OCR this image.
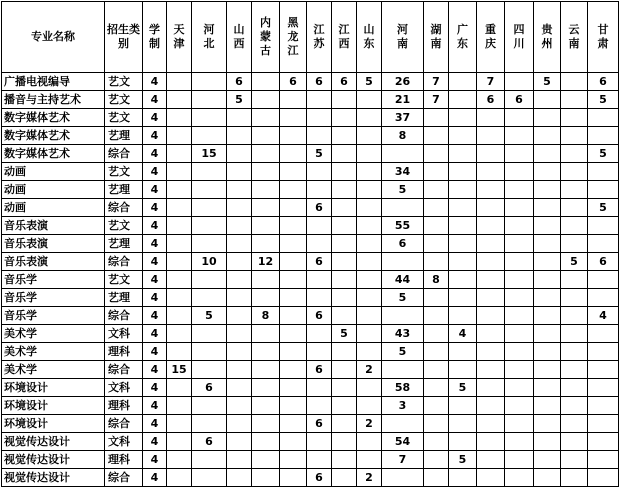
专业名称	招生类别	学制	天津	河北	山西	内蒙古	黑龙江	江苏	江西	山东	河南	湖南	广东	重庆	四川	贵州	云南	甘肃

广播电视编导	艺文	4			6		6	6	6	5	26	7		7		5		6
播音与主持艺术	艺文	4			5						21	7		6	6			5
数字媒体艺术	艺文	4									37							
数字媒体艺术	艺理	4									8							
数字媒体艺术	综合	4		15				5										5
动画	艺文	4									34							
动画	艺理	4									5							
动画	综合	4						6										5
音乐表演	艺文	4									55							
音乐表演	艺理	4									6							
音乐表演	综合	4		10		12		6									5	6
音乐学	艺文	4									44	8						
音乐学	艺理	4									5							
音乐学	综合	4		5		8		6										4
美术学	文科	4							5		43		4					
美术学	理科	4									5							
美术学	综合	4	15					6		2								
环境设计	文科	4		6							58		5					
环境设计	理科	4									3							
环境设计	综合	4						6		2								
视觉传达设计	文科	4		6							54							
视觉传达设计	理科	4									7		5					
视觉传达设计	综合	4						6		2								
